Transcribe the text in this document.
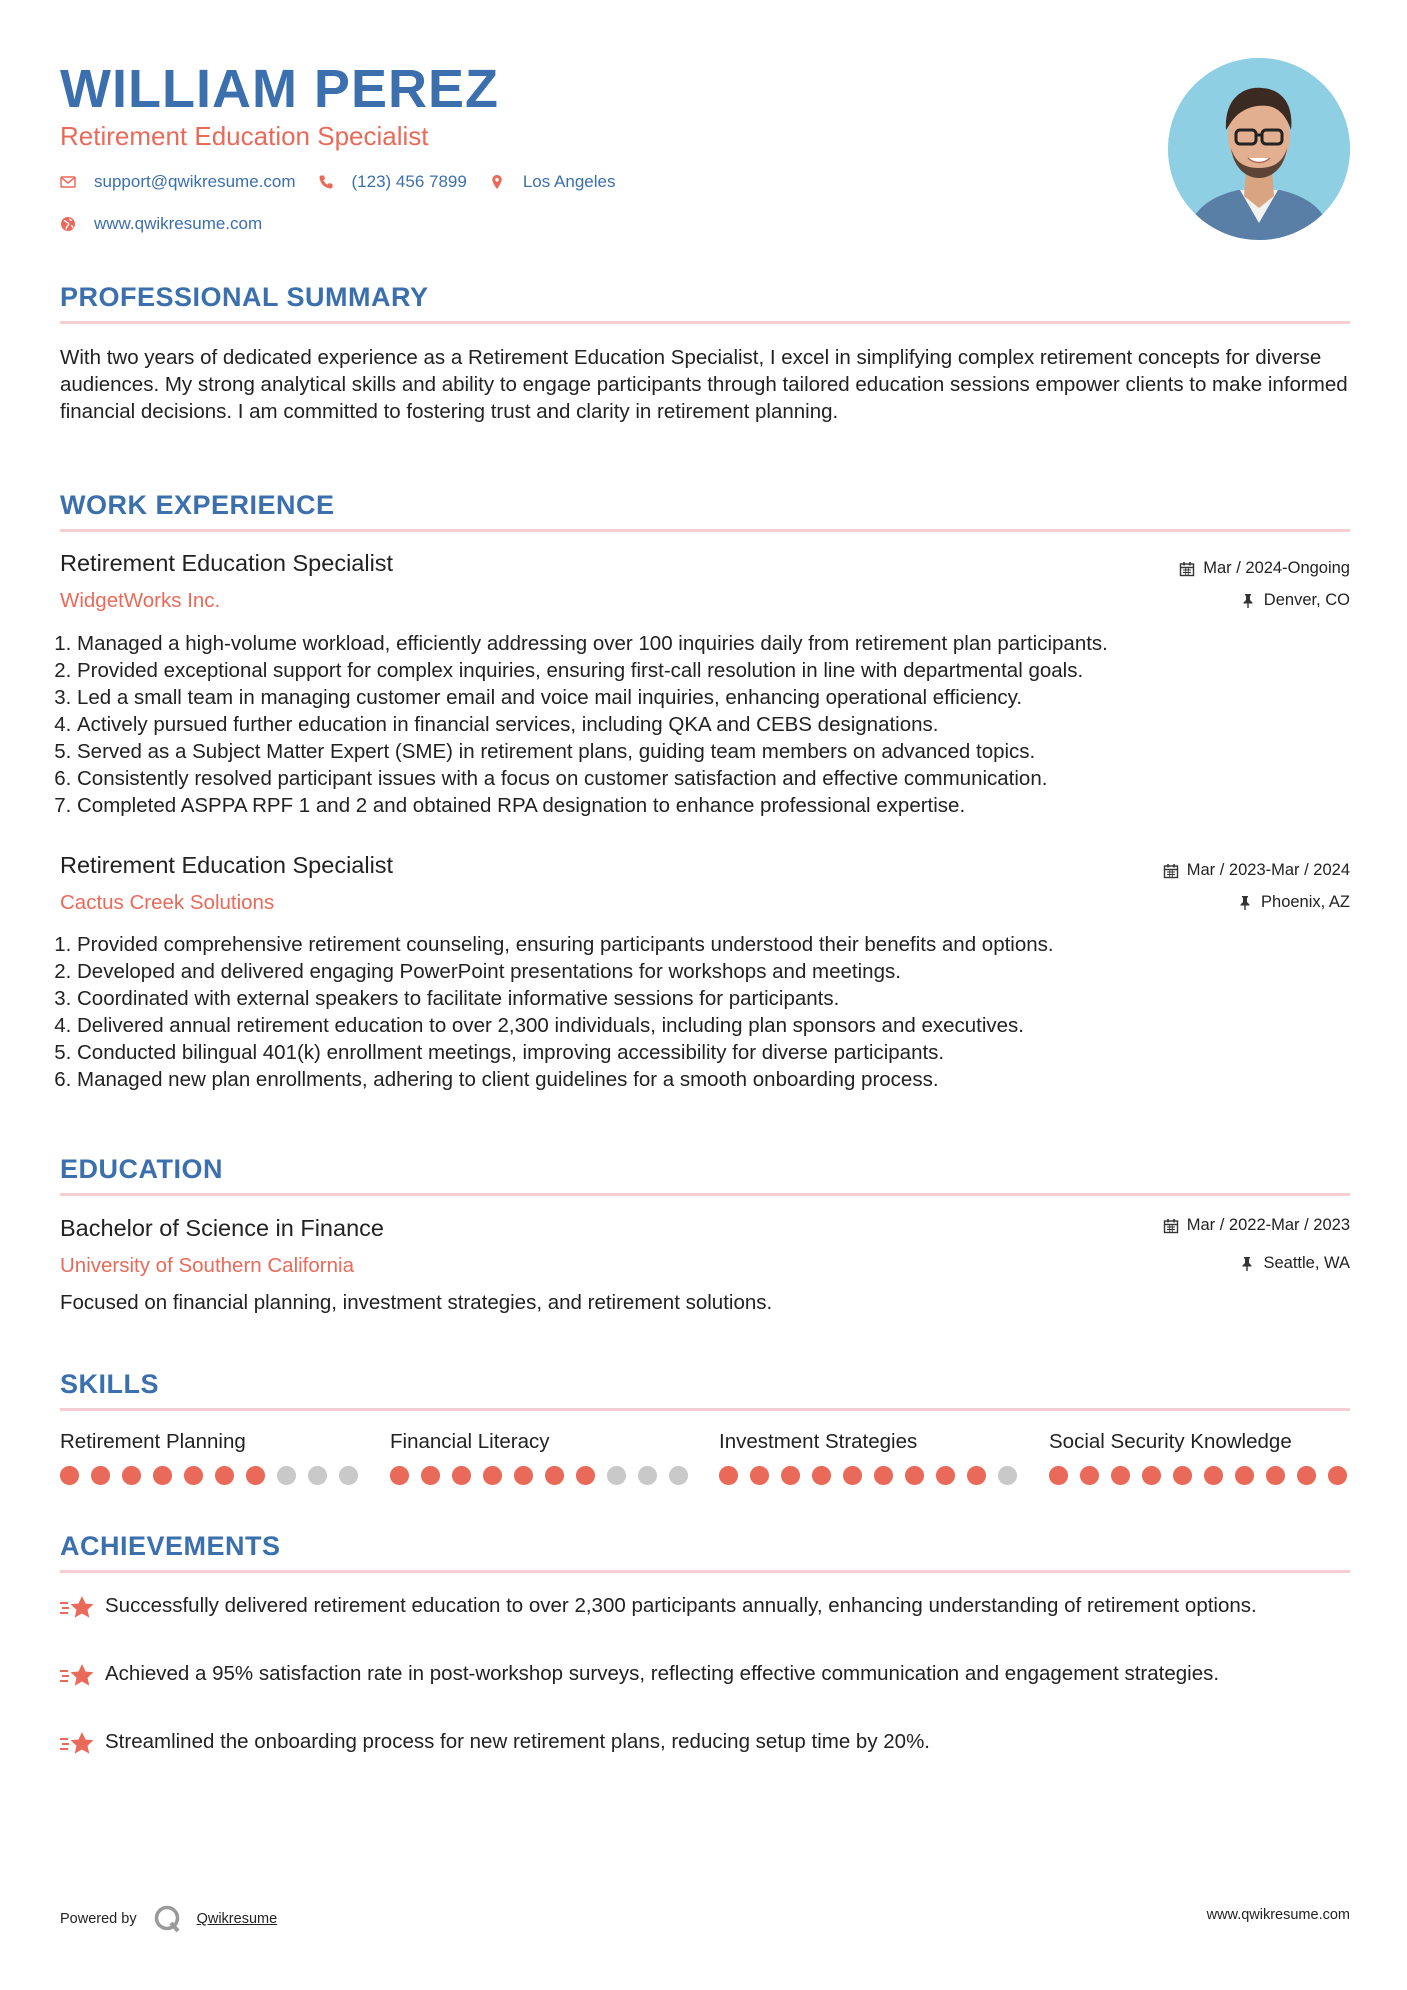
WILLIAM PEREZ
Retirement Education Specialist
support@qwikresume.com	(123) 456 7899	Los Angeles
www.qwikresume.com
PROFESSIONAL SUMMARY
With two years of dedicated experience as a Retirement Education Specialist, I excel in simplifying complex retirement concepts for diverse audiences. My strong analytical skills and ability to engage participants through tailored education sessions empower clients to make informed financial decisions. I am committed to fostering trust and clarity in retirement planning.
WORK EXPERIENCE
Retirement Education Specialist	Mar / 2024-Ongoing
WidgetWorks Inc.	Denver, CO
1. Managed a high-volume workload, efficiently addressing over 100 inquiries daily from retirement plan participants.
2. Provided exceptional support for complex inquiries, ensuring first-call resolution in line with departmental goals.
3. Led a small team in managing customer email and voice mail inquiries, enhancing operational efficiency.
4. Actively pursued further education in financial services, including QKA and CEBS designations.
5. Served as a Subject Matter Expert (SME) in retirement plans, guiding team members on advanced topics.
6. Consistently resolved participant issues with a focus on customer satisfaction and effective communication.
7. Completed ASPPA RPF 1 and 2 and obtained RPA designation to enhance professional expertise.
Retirement Education Specialist	Mar / 2023-Mar / 2024
Cactus Creek Solutions	Phoenix, AZ
1. Provided comprehensive retirement counseling, ensuring participants understood their benefits and options.
2. Developed and delivered engaging PowerPoint presentations for workshops and meetings.
3. Coordinated with external speakers to facilitate informative sessions for participants.
4. Delivered annual retirement education to over 2,300 individuals, including plan sponsors and executives.
5. Conducted bilingual 401(k) enrollment meetings, improving accessibility for diverse participants.
6. Managed new plan enrollments, adhering to client guidelines for a smooth onboarding process.
EDUCATION
Bachelor of Science in Finance	Mar / 2022-Mar / 2023
University of Southern California	Seattle, WA
Focused on financial planning, investment strategies, and retirement solutions.
SKILLS
Retirement Planning	Financial Literacy	Investment Strategies	Social Security Knowledge
ACHIEVEMENTS
Successfully delivered retirement education to over 2,300 participants annually, enhancing understanding of retirement options.
Achieved a 95% satisfaction rate in post-workshop surveys, reflecting effective communication and engagement strategies.
Streamlined the onboarding process for new retirement plans, reducing setup time by 20%.
Powered by	Qwikresume	www.qwikresume.com
